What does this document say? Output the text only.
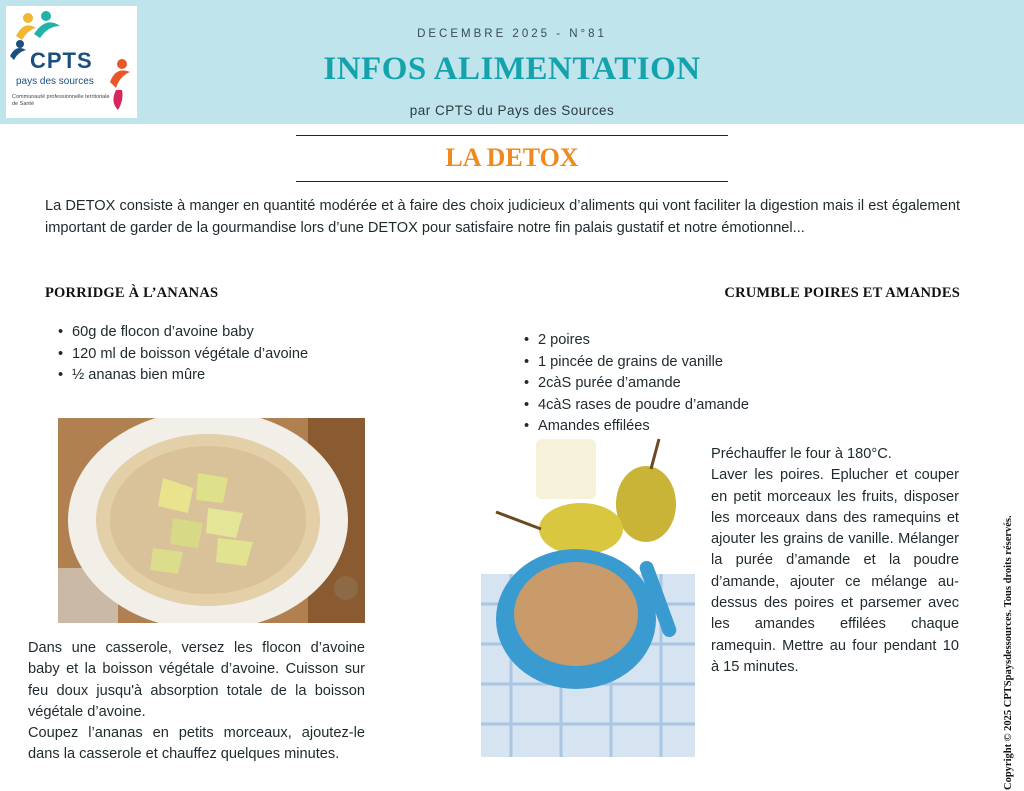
CPTS
pays des sources
Communauté professionnelle territoriale de Santé
DECEMBRE 2025 - N°81
INFOS ALIMENTATION
par CPTS du Pays des Sources
LA DETOX

La DETOX consiste à manger en quantité modérée et à faire des choix judicieux d’aliments qui vont faciliter la digestion mais il est également important de garder de la gourmandise lors d’une DETOX pour satisfaire notre fin palais gustatif et notre émotionnel...

PORRIDGE À L’ANANAS
• 60g de flocon d’avoine baby
• 120 ml de boisson végétale d’avoine
• ½ ananas bien mûre

Dans une casserole, versez les flocon d’avoine baby et la boisson végétale d’avoine. Cuisson sur feu doux jusqu'à absorption totale de la boisson végétale d’avoine.

Coupez l’ananas en petits morceaux, ajoutez-le dans la casserole et chauffez quelques minutes.

CRUMBLE POIRES ET AMANDES
• 2 poires
• 1 pincée de grains de vanille
• 2càS purée d’amande
• 4càS rases de poudre d’amande
• Amandes effilées

Préchauffer le four à 180°C.

Laver les poires. Eplucher et couper en petit morceaux les fruits, disposer les morceaux dans des ramequins et ajouter les grains de vanille. Mélanger la purée d’amande et la poudre d’amande, ajouter ce mélange au-dessus des poires et parsemer avec les amandes effilées chaque ramequin. Mettre au four pendant 10 à 15 minutes.	Copyright © 2025 CPTSpaysdessources. Tous droits réservés.
